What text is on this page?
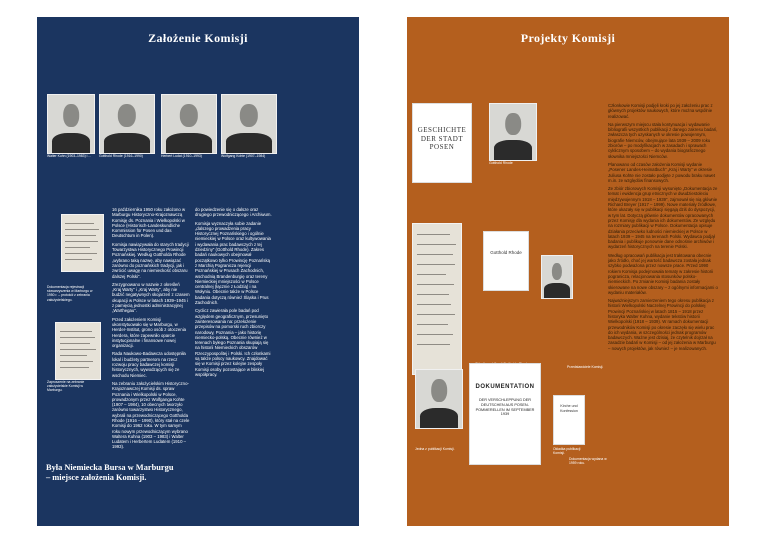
Założenie Komisji
Walter Kuhn (1903–1983) i ...	Gotthold Rhode (1916–1990)	Herbert Ludat (1910–1993)	Wolfgang Kohte (1907–1984)
Dokumentacja rejestracji stowarzyszenia w Marburgu w 1950 r. – protokół z zebrania założycielskiego.
Zaproszenie na zebranie założycielskie Komisji w Marburgu.

16 października 1950 roku założono w Marburgu Historyczno-Krajoznawczą Komisję ds. Poznania i Wielkopolski w Polsce (Historisch-Landeskundliche Kommission für Posen und das Deutschtum in Polen).

Komisja nawiązywała do starych tradycji Towarzystwa Historycznego Prowincji Poznańskiej. Według Gottholda Rhode „wybrano taką nazwę, aby nawiązać zarówno do poznańskich tradycji, jak i zwrócić uwagę na niemieckość obszaru dalszej Polski”.

Zrezygnowano w nazwie z określeń „Kraj Warty” i „Kraj Warty”, aby nie budzić negatywnych skojarzeń z czasem okupacji w Polsce w latach 1939–1945 i z pamięcią jednostki administracyjnej „Warthegau”.

Przed założeniem Komisji ukonstytuowało się w Marburgu, w Herder-Institut, grono osób z otoczenia Herdera, które zapewniło oparcie instytucjonalne i finansowe nowej organizacji.

Rada Naukowo-Badawcza udostępniła lokal i budżety partnerom na rzecz rozwoju pracy badawczej komisji historycznych, wywodzących się ze wschodu Niemiec.

Na zebraniu założycielskim Historyczno-Krajoznawczej Komisji ds. spraw Poznania i Wielkopolski w Polsce, prowadzonym przez Wolfganga Kohte (1907 – 1984), 10 obecnych tworzyło zarówno towarzystwo Historycznego, wybrali na przewodniczącego Gottholda Rhode (1916 – 1990), który stał na czele Komisji do 1962 roku. W tym samym roku nowym przewodniczącym wybrano Waltera Kuhna (1903 – 1983) i Walter Ludatem i Herbertem Ludatem (1910 – 1993).

do powiedzenie się o dalsze oraz drugiego przewodniczącego i Archiwum.

Komisja wyznaczyła sobie zadanie „dalszego prowadzenia pracy Historycznej Poznańskiego i ogólnie niemieckiej w Polsce oraz kultywowania i wydawania prac badawczych z tej dziedziny” (Gotthold Rhode). Zakres badań naukowych obejmował początkowo tylko Prowincję Poznańską z Marchią Pogranicza rejencji Poznańskiej w Prusach Zachodnich, wschodnią Brandenburgię oraz tereny Niemieckiej mniejszości w Polsce centralnej (łącznie z Łodzią) i na Wołyniu. Obecnie także w Polsce badania dotyczą również Śląska i Prus Zachodnich.

Cyclicz zawierała pole badań pod względem geograficznym, przesunięto zainteresowania na: przełożenie przepisów na pomorski ruch zbiorczy narodowy, Poznania – jako historię niemiecko-polską. Obecnie również w terenach byłego Poznania skupiają się na historii Niemieckich obszarów Rzeczypospolitej i Polski. Ich członkami są także polscy naukowcy. Znajdować się w Komisji przez kolejne zespoły Komisji osoby pozostające w bliskiej współpracy.

Była Niemiecka Bursa w Marburgu – miejsce założenia Komisji.
Projekty Komisji
GESCHICHTE DER STADT POSEN
Gotthold Rhode
Gotthold Rhode
Przedstawiciele Komisji.
Jedna z publikacji Komisji.
DOKUMENTATION
DER VERSCHLEPPUNG DER DEUTSCHEN AUS POSEN-POMMERELLEN IM SEPTEMBER 1939
Kirche und Konfession
Dokumentacja wydana w 1959 roku.
Okładka publikacji Komisji.

Członkowie Komisji podjęli kroki po jej założeniu prac z głównych projektów naukowych, które można wspólnie realizować.

Na pierwszym miejscu stała kontynuacja i wydawanie bibliografii wszystkich publikacji z danego zakresu badań, zwłaszcza tych uzyskanych w okresie powojennym, biografie Niemców, obejmujące lata 1939 – 2009 roku zbiorów – po modyfikacjach w zasadach i sprawach cyklicznym sposobem – do wydania biograficznego słownika mniejszości Niemców.

Planowano od czasów założenia Komisji wydanie „Posener Landes-Heimatbuch” „Kraj i Warty” w okresie Juliusa Kohte nie zostało podjęte z powodu braku nawet m.in. ze względów finansowych.

Ze zbiór zbiorowych Komisji wysunięto „Dokumentacja ze temat i ewidencja grup etnicznych w dwudziestoleciu międzywojennym 1918 – 1939”, zajmował się nią głównie Richard Breyer (1917 – 1999). Nowe materiały źródłowe, które ukazały się w publikacji sięgają dziś do dyspozycji, w tym lat. Dotyczą głównie dokumentów opracowanych przez Komisję dla wydania ich dokumentów. Ze względu na rozmiary publikacji w Polsce. Dokumentacja opisuje działania przeciwko ludności niemieckiej w Polsce w latach 1939 – 1945 na terenach Polski. Wydawca podjął badania i publikuje ponownie dane odnośnie archiwów i wydarzeń historycznych na terenie Polski.

Według opracowań publikacja jest traktowana obecnie jako źródło, choć jej wartość badawcza została jednak szybko podważona przez nowsze prace. Przed 1990 rokiem Komisja podejmowała tematy w zakresie historii pogranicza, relacjonowania stosunków polsko-niemieckich. Po zmianie Komisji badania zostały skierowane na nowe obszary – z ogólnymi informacjami o wydaniu materiałów.

Najważniejszym zamierzeniem tego okresu publikacja z historii Wielkopolski Naczelnej Prowincji do polskiej Prowincji Poznańskiej w latach 1815 – 1918 przez historyka Walter Kuhna, wydanie tekstów historii Wielkopolski (1918 – 1939). W ramach dokumentacji przewodników Komisji po okresie zaczęło się wielu prac do ich wydania, w szczególności jednak programów badawczych. Ważne jest dzisiaj, że czytelnik dojrzał na zasadzie badań w Komisji – od jej założenia w Marburgu – nowych projektów, jak również – je realizowanych.
